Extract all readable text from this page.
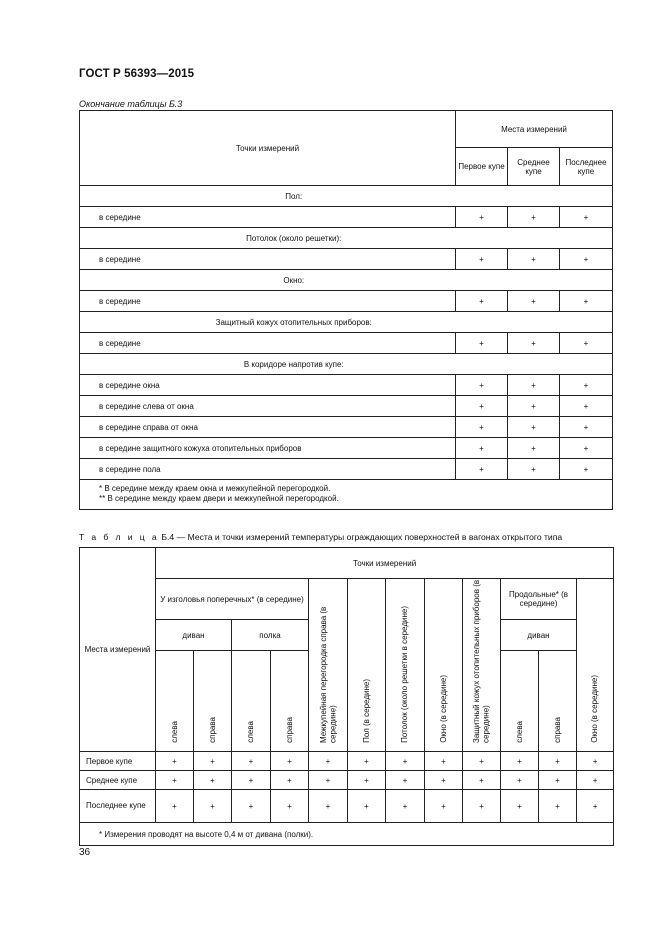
ГОСТ Р 56393—2015
Окончание таблицы Б.3
Точки измерений	Места измерений		
	Первое купе	Среднее купе	Последнее купе
Пол:			
в середине	+	+	+
Потолок (около решетки):			
в середине	+	+	+
Окно:			
в середине	+	+	+
Защитный кожух отопительных приборов:			
в середине	+	+	+
В коридоре напротив купе:			
в середине окна	+	+	+
в середине слева от окна	+	+	+
в середине справа от окна	+	+	+
в середине защитного кожуха отопительных приборов	+	+	+
в середине пола	+	+	+

* В середине между краем окна и межкупейной перегородкой.
** В середине между краем двери и межкупейной перегородкой.			
Т а б л и ц а Б.4 — Места и точки измерений температуры ограждающих поверхностей в вагонах открытого типа
Места измерений	Точки измерений											
	У изголовья поперечных* (в середине)				Межкупейная перегородка справа (в середине)	Пол (в середине)	Потолок (около решетки в середине)	Окно (в середине)	Защитный кожух отопительных приборов (в середине)	Продольные* (в середине)		Окно (в середине)
	диван		полка							диван		
	слева	справа	слева	справа						слева	справа	
Первое купе	+	+	+	+	+	+	+	+	+	+	+	+
Среднее купе	+	+	+	+	+	+	+	+	+	+	+	+
Последнее купе	+	+	+	+	+	+	+	+	+	+	+	+
* Измерения проводят на высоте 0,4 м от дивана (полки).												
36
